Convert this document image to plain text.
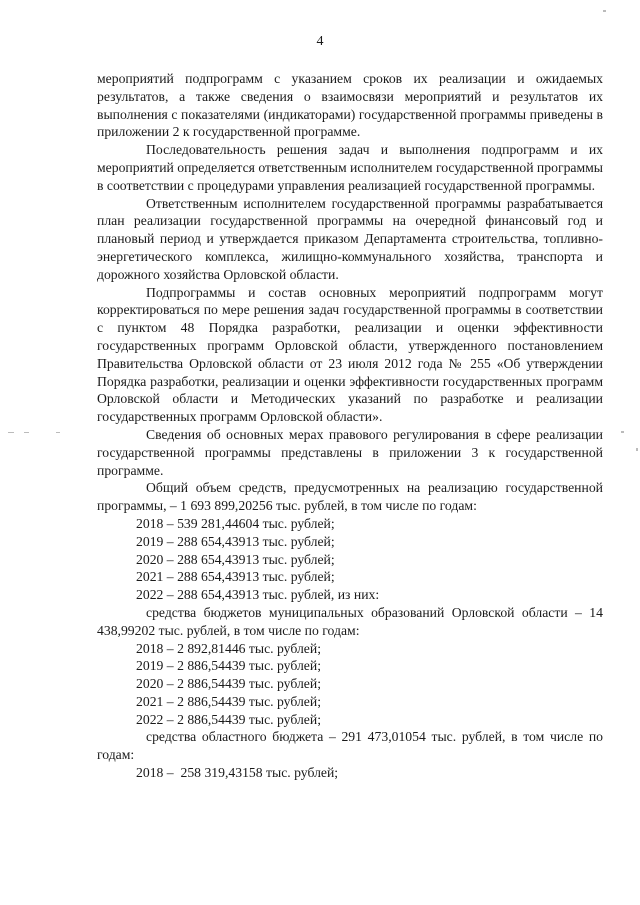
4

мероприятий подпрограмм с указанием сроков их реализации и ожидаемых результатов, а также сведения о взаимосвязи мероприятий и результатов их выполнения с показателями (индикаторами) государственной программы приведены в приложении 2 к государственной программе.

Последовательность решения задач и выполнения подпрограмм и их мероприятий определяется ответственным исполнителем государственной программы в соответствии с процедурами управления реализацией государственной программы.

Ответственным исполнителем государственной программы разрабатывается план реализации государственной программы на очередной финансовый год и плановый период и утверждается приказом Департамента строительства, топливно-энергетического комплекса, жилищно-коммунального хозяйства, транспорта и дорожного хозяйства Орловской области.

Подпрограммы и состав основных мероприятий подпрограмм могут корректироваться по мере решения задач государственной программы в соответствии с пунктом 48 Порядка разработки, реализации и оценки эффективности государственных программ Орловской области, утвержденного постановлением Правительства Орловской области от 23 июля 2012 года № 255 «Об утверждении Порядка разработки, реализации и оценки эффективности государственных программ Орловской области и Методических указаний по разработке и реализации государственных программ Орловской области».

Сведения об основных мерах правового регулирования в сфере реализации государственной программы представлены в приложении 3 к государственной программе.

Общий объем средств, предусмотренных на реализацию государственной программы, – 1 693 899,20256 тыс. рублей, в том числе по годам:

2018 – 539 281,44604 тыс. рублей;
2019 – 288 654,43913 тыс. рублей;
2020 – 288 654,43913 тыс. рублей;
2021 – 288 654,43913 тыс. рублей;
2022 – 288 654,43913 тыс. рублей, из них:

средства бюджетов муниципальных образований Орловской области – 14 438,99202 тыс. рублей, в том числе по годам:

2018 – 2 892,81446 тыс. рублей;
2019 – 2 886,54439 тыс. рублей;
2020 – 2 886,54439 тыс. рублей;
2021 – 2 886,54439 тыс. рублей;
2022 – 2 886,54439 тыс. рублей;

средства областного бюджета – 291 473,01054 тыс. рублей, в том числе по годам:

2018 –  258 319,43158 тыс. рублей;
